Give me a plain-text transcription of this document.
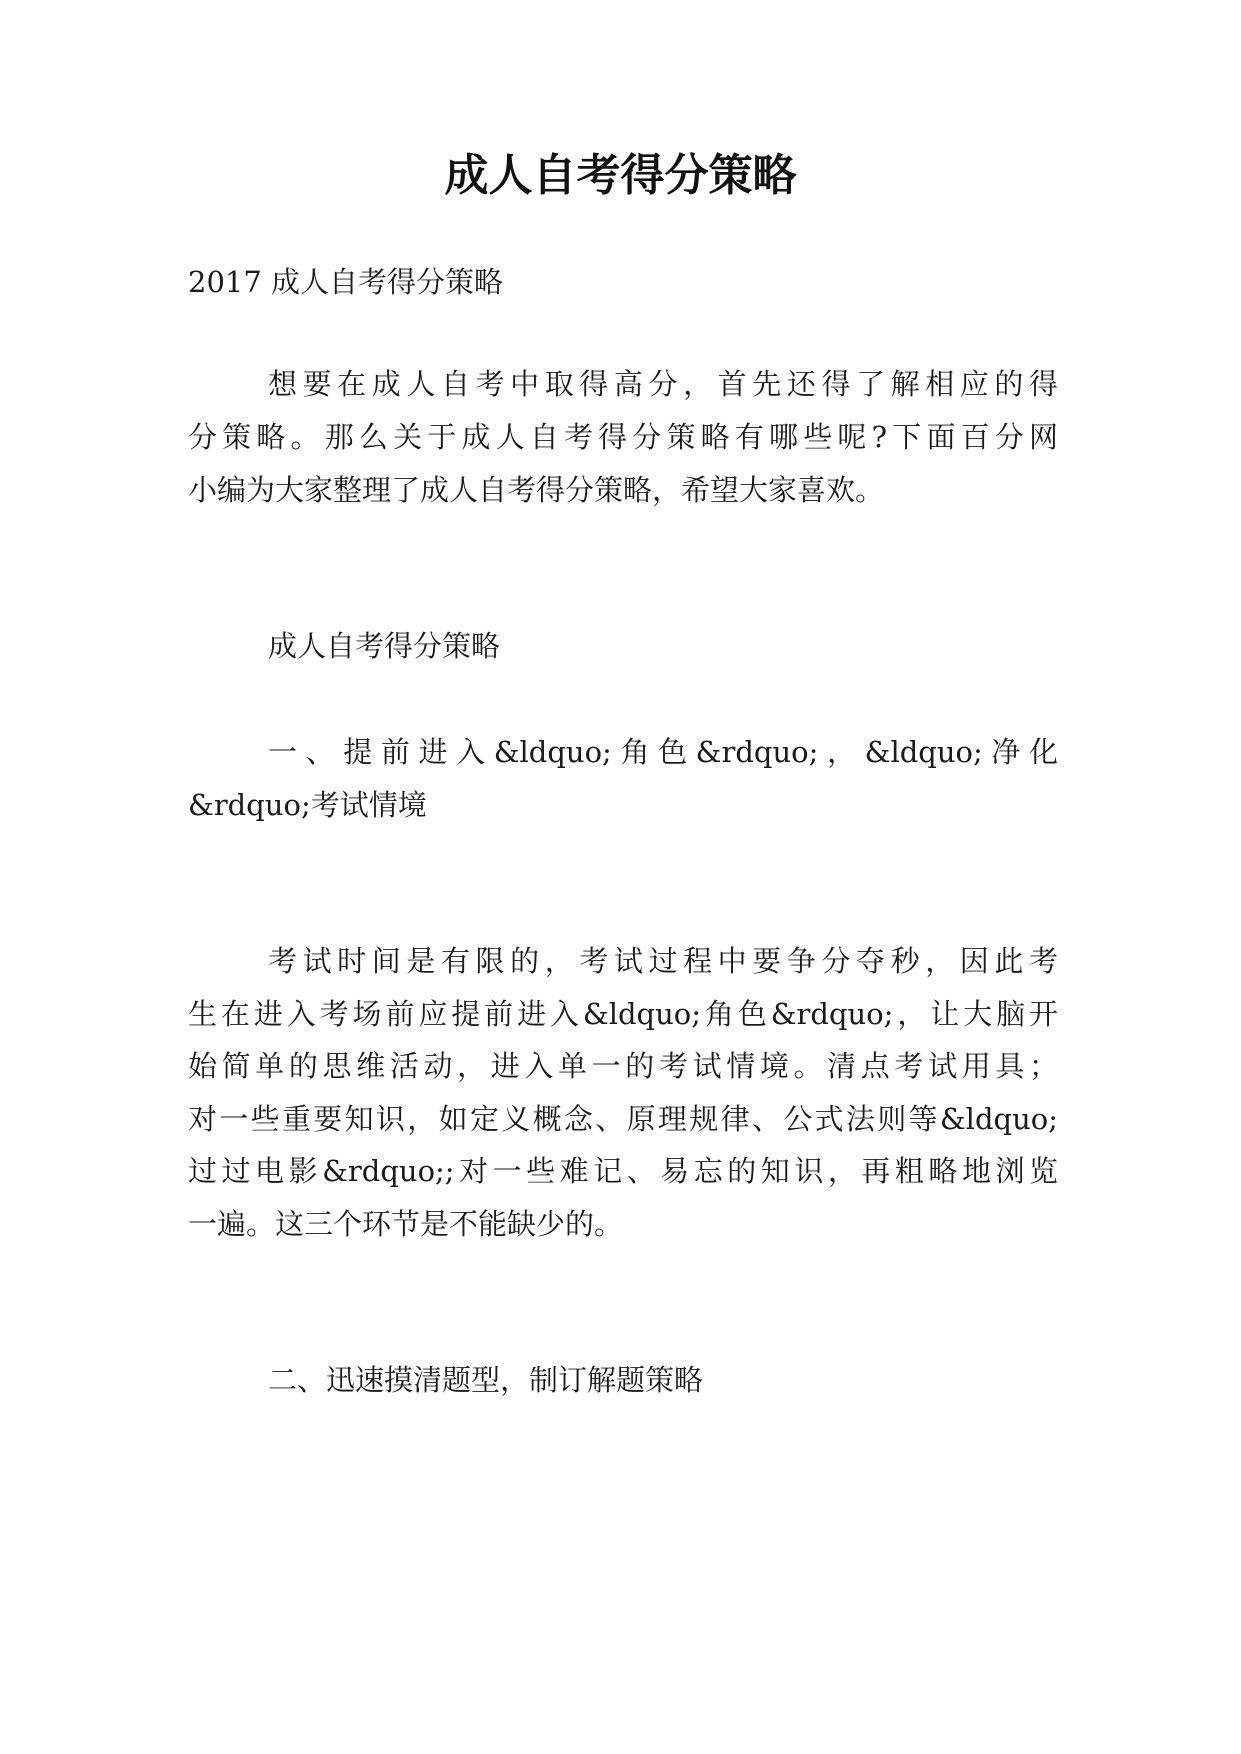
成人自考得分策略

2017 成人自考得分策略

想要在成人自考中取得高分，首先还得了解相应的得

分策略。那么关于成人自考得分策略有哪些呢?下面百分网

小编为大家整理了成人自考得分策略，希望大家喜欢。

成人自考得分策略

一、提前进入&ldquo;角色&rdquo;，&ldquo;净化

&rdquo;考试情境

考试时间是有限的，考试过程中要争分夺秒，因此考

生在进入考场前应提前进入&ldquo;角色&rdquo;，让大脑开

始简单的思维活动，进入单一的考试情境。清点考试用具；

对一些重要知识，如定义概念、原理规律、公式法则等&ldquo;

过过电影&rdquo;;对一些难记、易忘的知识，再粗略地浏览

一遍。这三个环节是不能缺少的。

二、迅速摸清题型，制订解题策略
